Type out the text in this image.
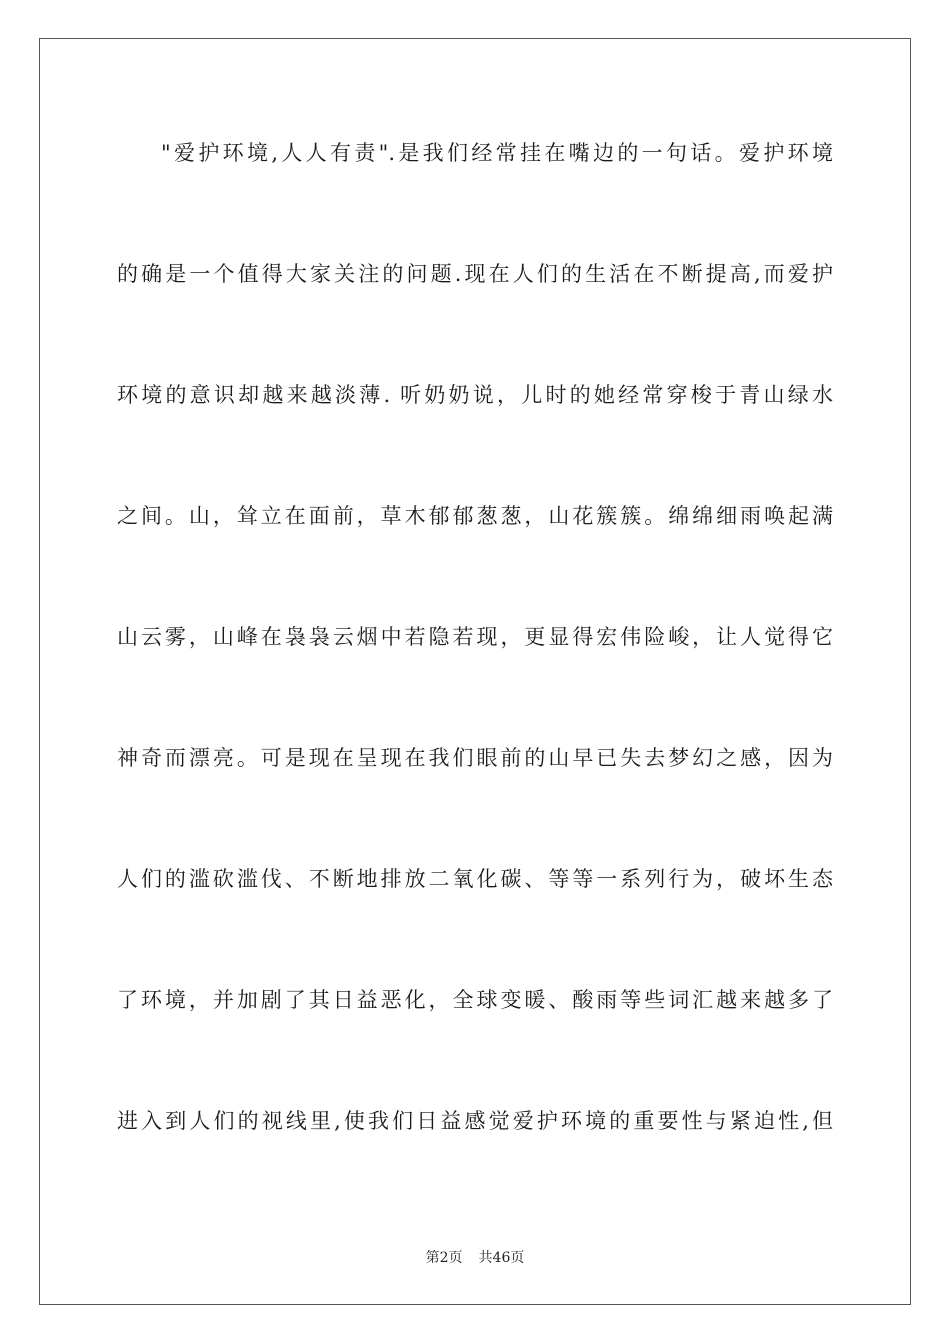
"爱护环境,人人有责".是我们经常挂在嘴边的一句话。爱护环境
的确是一个值得大家关注的问题.现在人们的生活在不断提高,而爱护
环境的意识却越来越淡薄. 听奶奶说，儿时的她经常穿梭于青山绿水
之间。山，耸立在面前，草木郁郁葱葱，山花簇簇。绵绵细雨唤起满
山云雾，山峰在袅袅云烟中若隐若现，更显得宏伟险峻，让人觉得它
神奇而漂亮。可是现在呈现在我们眼前的山早已失去梦幻之感，因为
人们的滥砍滥伐、不断地排放二氧化碳、等等一系列行为，破坏生态
了环境，并加剧了其日益恶化，全球变暖、酸雨等些词汇越来越多了
进入到人们的视线里,使我们日益感觉爱护环境的重要性与紧迫性,但
第2页 共46页
